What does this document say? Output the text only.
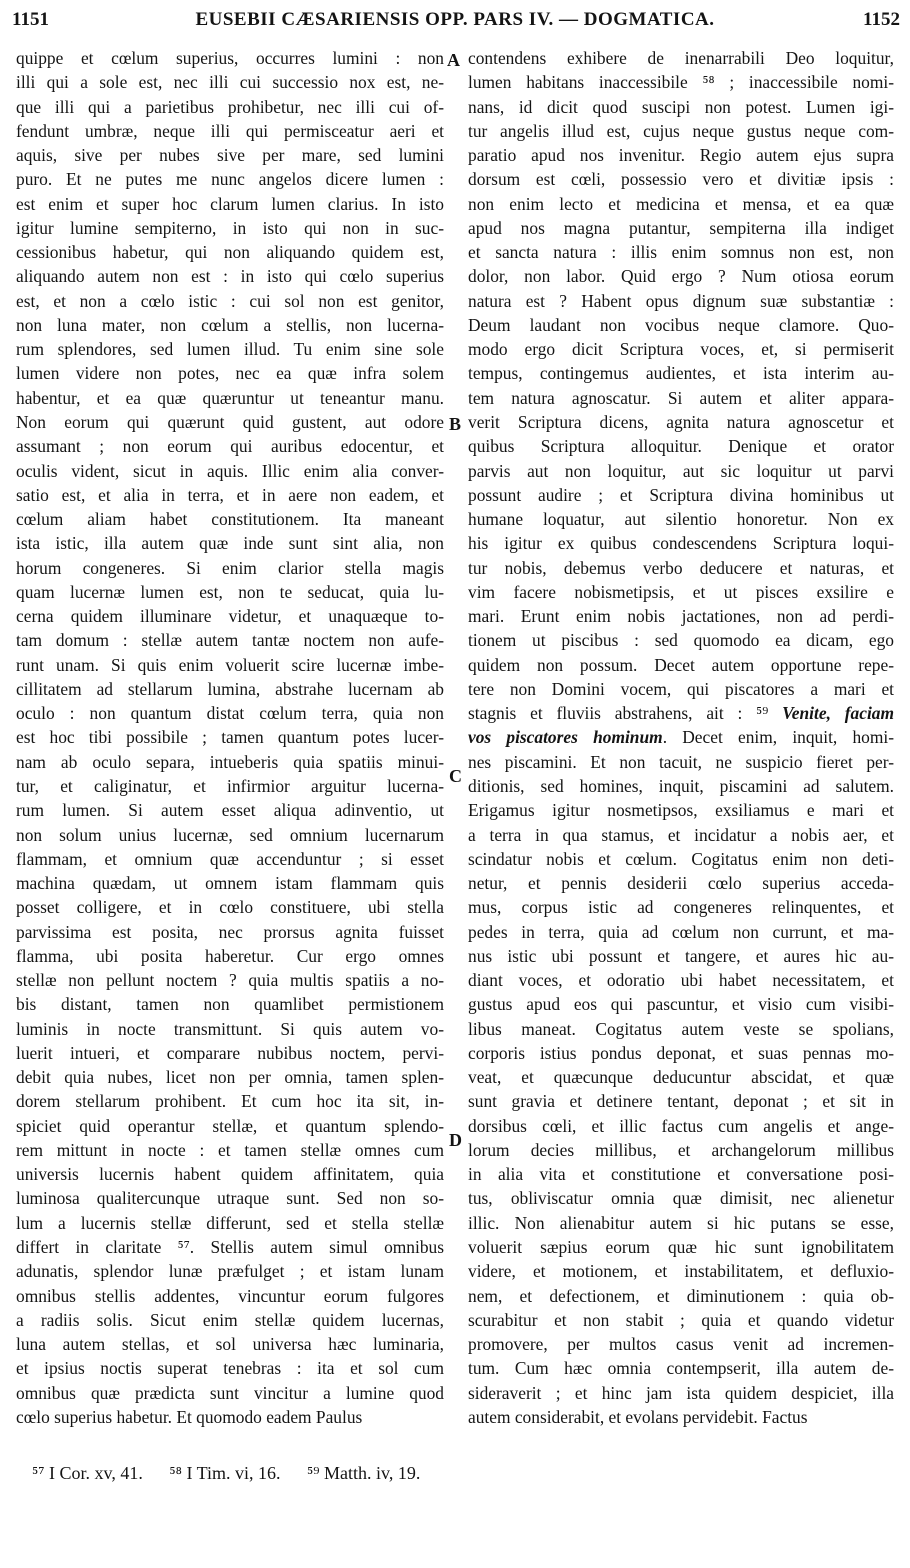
1151	EUSEBII CÆSARIENSIS OPP. PARS IV. — DOGMATICA.	1152
quippe et cœlum superius, occurres lumini : non
illi qui a sole est, nec illi cui successio nox est, ne-
que illi qui a parietibus prohibetur, nec illi cui of-
fendunt umbræ, neque illi qui permisceatur aeri et
aquis, sive per nubes sive per mare, sed lumini
puro. Et ne putes me nunc angelos dicere lumen :
est enim et super hoc clarum lumen clarius. In isto
igitur lumine sempiterno, in isto qui non in suc-
cessionibus habetur, qui non aliquando quidem est,
aliquando autem non est : in isto qui cœlo superius
est, et non a cœlo istic : cui sol non est genitor,
non luna mater, non cœlum a stellis, non lucerna-
rum splendores, sed lumen illud. Tu enim sine sole
lumen videre non potes, nec ea quæ infra solem
habentur, et ea quæ quæruntur ut teneantur manu.
Non eorum qui quærunt quid gustent, aut odore
assumant ; non eorum qui auribus edocentur, et
oculis vident, sicut in aquis. Illic enim alia conver-
satio est, et alia in terra, et in aere non eadem, et
cœlum aliam habet constitutionem. Ita maneant
ista istic, illa autem quæ inde sunt sint alia, non
horum congeneres. Si enim clarior stella magis
quam lucernæ lumen est, non te seducat, quia lu-
cerna quidem illuminare videtur, et unaquæque to-
tam domum : stellæ autem tantæ noctem non aufe-
runt unam. Si quis enim voluerit scire lucernæ imbe-
cillitatem ad stellarum lumina, abstrahe lucernam ab
oculo : non quantum distat cœlum terra, quia non
est hoc tibi possibile ; tamen quantum potes lucer-
nam ab oculo separa, intueberis quia spatiis minui-
tur, et caliginatur, et infirmior arguitur lucerna-
rum lumen. Si autem esset aliqua adinventio, ut
non solum unius lucernæ, sed omnium lucernarum
flammam, et omnium quæ accenduntur ; si esset
machina quædam, ut omnem istam flammam quis
posset colligere, et in cœlo constituere, ubi stella
parvissima est posita, nec prorsus agnita fuisset
flamma, ubi posita haberetur. Cur ergo omnes
stellæ non pellunt noctem ? quia multis spatiis a no-
bis distant, tamen non quamlibet permistionem
luminis in nocte transmittunt. Si quis autem vo-
luerit intueri, et comparare nubibus noctem, pervi-
debit quia nubes, licet non per omnia, tamen splen-
dorem stellarum prohibent. Et cum hoc ita sit, in-
spiciet quid operantur stellæ, et quantum splendo-
rem mittunt in nocte : et tamen stellæ omnes cum
universis lucernis habent quidem affinitatem, quia
luminosa qualitercunque utraque sunt. Sed non so-
lum a lucernis stellæ differunt, sed et stella stellæ
differt in claritate ⁵⁷. Stellis autem simul omnibus
adunatis, splendor lunæ præfulget ; et istam lunam
omnibus stellis addentes, vincuntur eorum fulgores
a radiis solis. Sicut enim stellæ quidem lucernas,
luna autem stellas, et sol universa hæc luminaria,
et ipsius noctis superat tenebras : ita et sol cum
omnibus quæ prædicta sunt vincitur a lumine quod
cœlo superius habetur. Et quomodo eadem Paulus
contendens exhibere de inenarrabili Deo loquitur,
lumen habitans inaccessibile ⁵⁸ ; inaccessibile nomi-
nans, id dicit quod suscipi non potest. Lumen igi-
tur angelis illud est, cujus neque gustus neque com-
paratio apud nos invenitur. Regio autem ejus supra
dorsum est cœli, possessio vero et divitiæ ipsis :
non enim lecto et medicina et mensa, et ea quæ
apud nos magna putantur, sempiterna illa indiget
et sancta natura : illis enim somnus non est, non
dolor, non labor. Quid ergo ? Num otiosa eorum
natura est ? Habent opus dignum suæ substantiæ :
Deum laudant non vocibus neque clamore. Quo-
modo ergo dicit Scriptura voces, et, si permiserit
tempus, contingemus audientes, et ista interim au-
tem natura agnoscatur. Si autem et aliter appara-
verit Scriptura dicens, agnita natura agnoscetur et
quibus Scriptura alloquitur. Denique et orator
parvis aut non loquitur, aut sic loquitur ut parvi
possunt audire ; et Scriptura divina hominibus ut
humane loquatur, aut silentio honoretur. Non ex
his igitur ex quibus condescendens Scriptura loqui-
tur nobis, debemus verbo deducere et naturas, et
vim facere nobismetipsis, et ut pisces exsilire e
mari. Erunt enim nobis jactationes, non ad perdi-
tionem ut piscibus : sed quomodo ea dicam, ego
quidem non possum. Decet autem opportune repe-
tere non Domini vocem, qui piscatores a mari et
stagnis et fluviis abstrahens, ait : ⁵⁹ Venite, faciam
vos piscatores hominum. Decet enim, inquit, homi-
nes piscamini. Et non tacuit, ne suspicio fieret per-
ditionis, sed homines, inquit, piscamini ad salutem.
Erigamus igitur nosmetipsos, exsiliamus e mari et
a terra in qua stamus, et incidatur a nobis aer, et
scindatur nobis et cœlum. Cogitatus enim non deti-
netur, et pennis desiderii cœlo superius acceda-
mus, corpus istic ad congeneres relinquentes, et
pedes in terra, quia ad cœlum non currunt, et ma-
nus istic ubi possunt et tangere, et aures hic au-
diant voces, et odoratio ubi habet necessitatem, et
gustus apud eos qui pascuntur, et visio cum visibi-
libus maneat. Cogitatus autem veste se spolians,
corporis istius pondus deponat, et suas pennas mo-
veat, et quæcunque deducuntur abscidat, et quæ
sunt gravia et detinere tentant, deponat ; et sit in
dorsibus cœli, et illic factus cum angelis et ange-
lorum decies millibus, et archangelorum millibus
in alia vita et constitutione et conversatione posi-
tus, obliviscatur omnia quæ dimisit, nec alienetur
illic. Non alienabitur autem si hic putans se esse,
voluerit sæpius eorum quæ hic sunt ignobilitatem
videre, et motionem, et instabilitatem, et defluxio-
nem, et defectionem, et diminutionem : quia ob-
scurabitur et non stabit ; quia et quando videtur
promovere, per multos casus venit ad incremen-
tum. Cum hæc omnia contempserit, illa autem de-
sideraverit ; et hinc jam ista quidem despiciet, illa
autem considerabit, et evolans pervidebit. Factus
A
B
C
D
⁵⁷ I Cor. xv, 41. ⁵⁸ I Tim. vi, 16. ⁵⁹ Matth. iv, 19.
